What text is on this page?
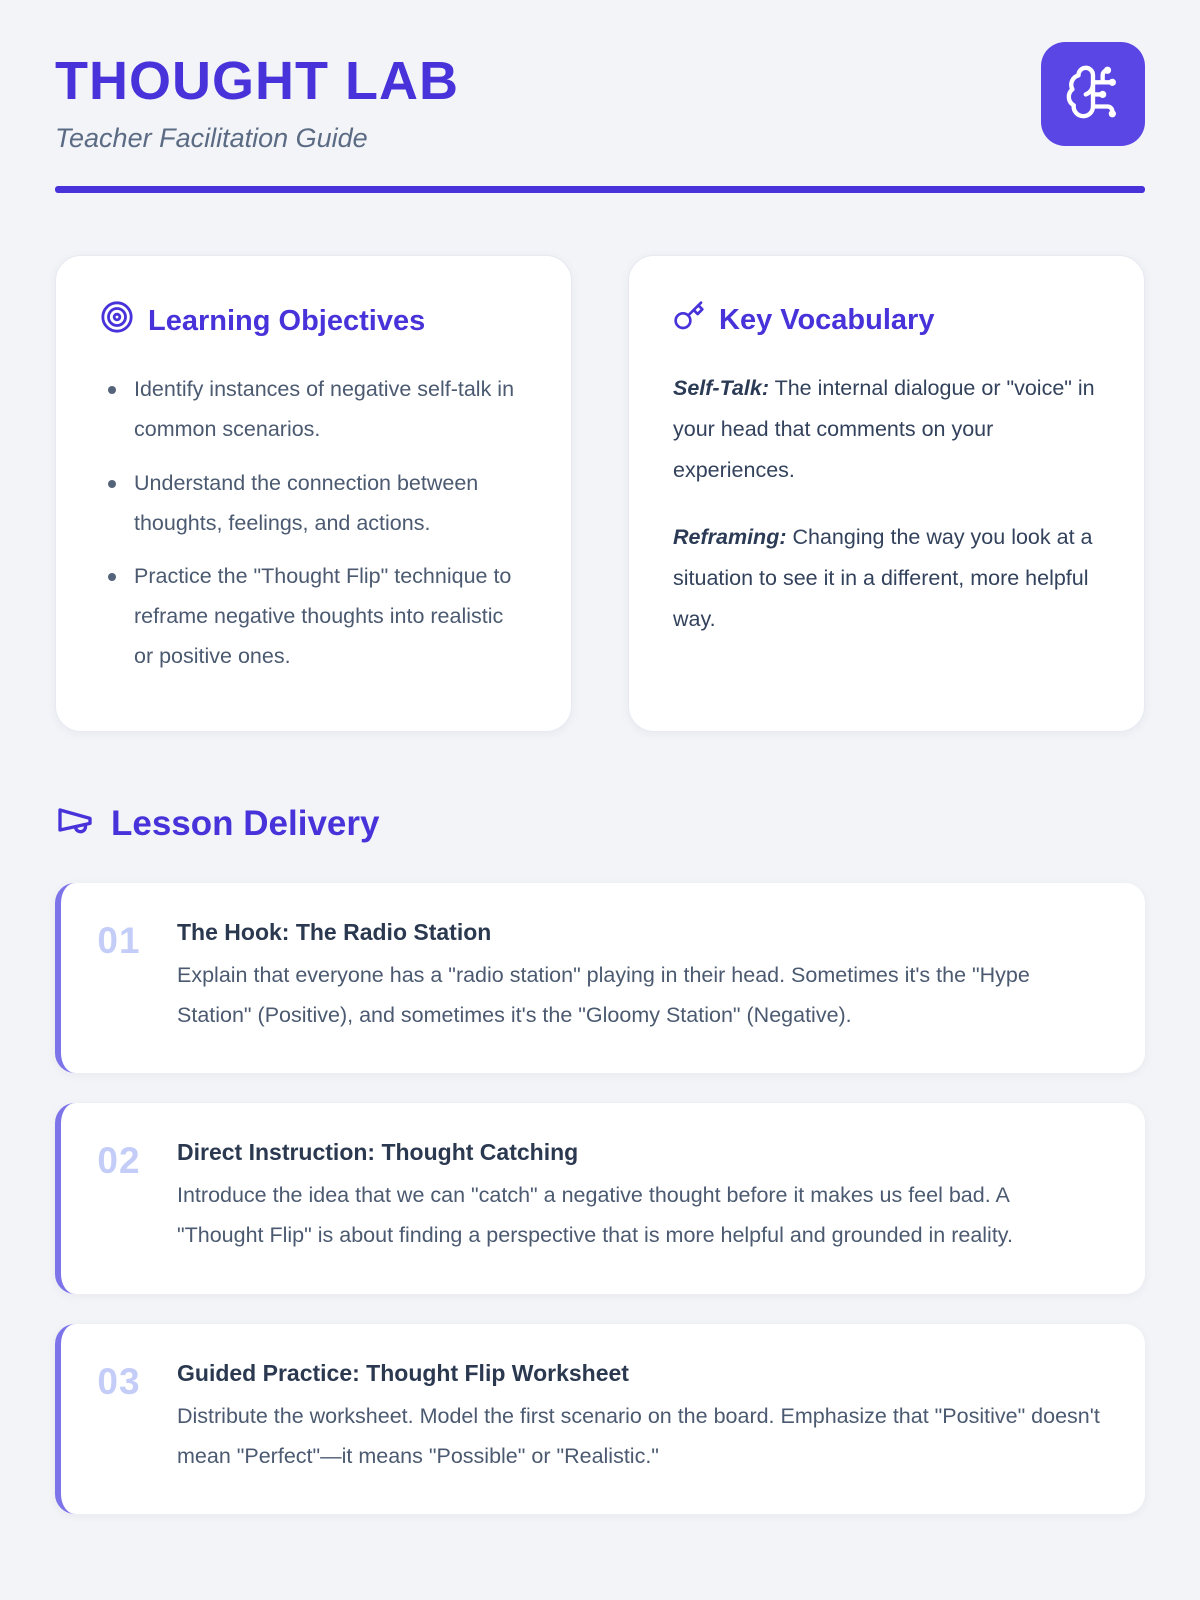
THOUGHT LAB
Teacher Facilitation Guide
Learning Objectives
Identify instances of negative self-talk in common scenarios.
Understand the connection between thoughts, feelings, and actions.
Practice the "Thought Flip" technique to reframe negative thoughts into realistic or positive ones.
Key Vocabulary

Self-Talk: The internal dialogue or "voice" in your head that comments on your experiences.

Reframing: Changing the way you look at a situation to see it in a different, more helpful way.

Lesson Delivery
01	The Hook: The Radio Station
Explain that everyone has a "radio station" playing in their head. Sometimes it's the "Hype Station" (Positive), and sometimes it's the "Gloomy Station" (Negative).
02	Direct Instruction: Thought Catching
Introduce the idea that we can "catch" a negative thought before it makes us feel bad. A "Thought Flip" is about finding a perspective that is more helpful and grounded in reality.
03	Guided Practice: Thought Flip Worksheet
Distribute the worksheet. Model the first scenario on the board. Emphasize that "Positive" doesn't mean "Perfect"—it means "Possible" or "Realistic."
